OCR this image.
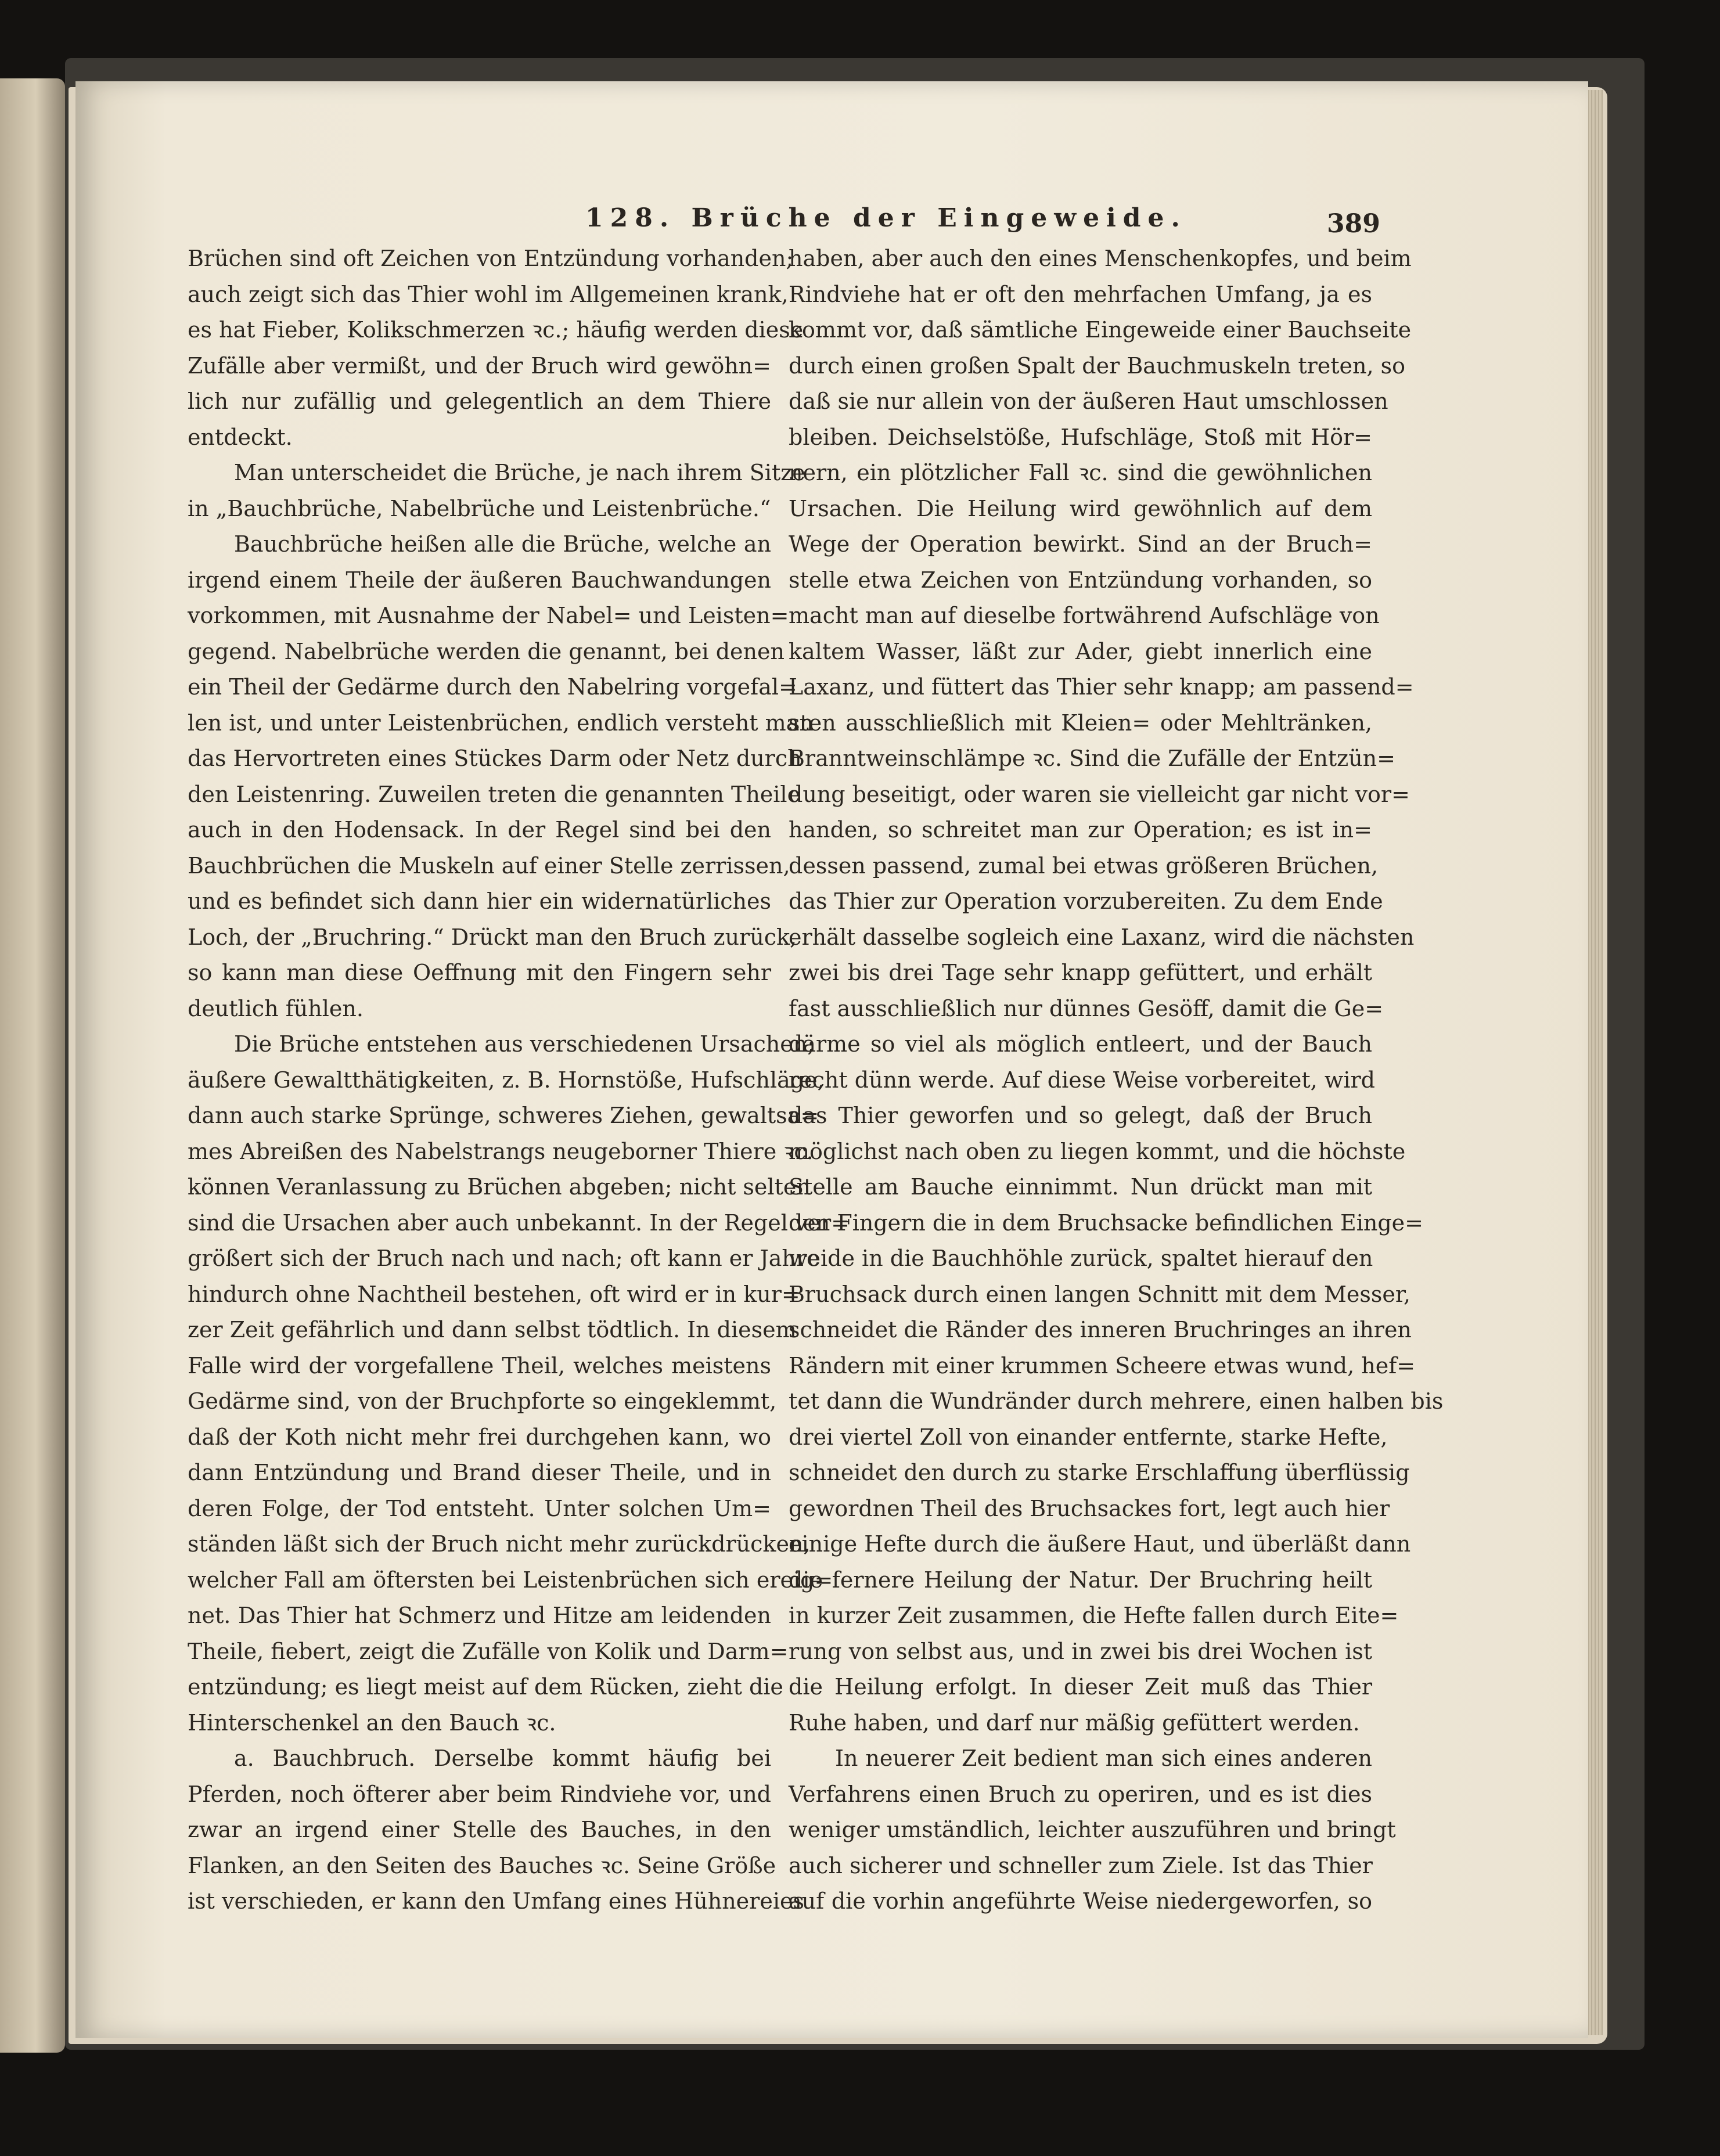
128. Brüche der Eingeweide.	389
Brüchen sind oft Zeichen von Entzündung vorhanden;
auch zeigt sich das Thier wohl im Allgemeinen krank,
es hat Fieber, Kolikschmerzen ꝛc.; häufig werden diese
Zufälle aber vermißt, und der Bruch wird gewöhn=
lich nur zufällig und gelegentlich an dem Thiere
entdeckt.
Man unterscheidet die Brüche, je nach ihrem Sitze
in „Bauchbrüche, Nabelbrüche und Leistenbrüche.“
Bauchbrüche heißen alle die Brüche, welche an
irgend einem Theile der äußeren Bauchwandungen
vorkommen, mit Ausnahme der Nabel= und Leisten=
gegend. Nabelbrüche werden die genannt, bei denen
ein Theil der Gedärme durch den Nabelring vorgefal=
len ist, und unter Leistenbrüchen, endlich versteht man
das Hervortreten eines Stückes Darm oder Netz durch
den Leistenring. Zuweilen treten die genannten Theile
auch in den Hodensack. In der Regel sind bei den
Bauchbrüchen die Muskeln auf einer Stelle zerrissen,
und es befindet sich dann hier ein widernatürliches
Loch, der „Bruchring.“ Drückt man den Bruch zurück,
so kann man diese Oeffnung mit den Fingern sehr
deutlich fühlen.
Die Brüche entstehen aus verschiedenen Ursachen;
äußere Gewaltthätigkeiten, z. B. Hornstöße, Hufschläge,
dann auch starke Sprünge, schweres Ziehen, gewaltsa=
mes Abreißen des Nabelstrangs neugeborner Thiere ꝛc.
können Veranlassung zu Brüchen abgeben; nicht selten
sind die Ursachen aber auch unbekannt. In der Regel ver=
größert sich der Bruch nach und nach; oft kann er Jahre
hindurch ohne Nachtheil bestehen, oft wird er in kur=
zer Zeit gefährlich und dann selbst tödtlich. In diesem
Falle wird der vorgefallene Theil, welches meistens
Gedärme sind, von der Bruchpforte so eingeklemmt,
daß der Koth nicht mehr frei durchgehen kann, wo
dann Entzündung und Brand dieser Theile, und in
deren Folge, der Tod entsteht. Unter solchen Um=
ständen läßt sich der Bruch nicht mehr zurückdrücken,
welcher Fall am öftersten bei Leistenbrüchen sich ereig=
net. Das Thier hat Schmerz und Hitze am leidenden
Theile, fiebert, zeigt die Zufälle von Kolik und Darm=
entzündung; es liegt meist auf dem Rücken, zieht die
Hinterschenkel an den Bauch ꝛc.
a. Bauchbruch. Derselbe kommt häufig bei
Pferden, noch öfterer aber beim Rindviehe vor, und
zwar an irgend einer Stelle des Bauches, in den
Flanken, an den Seiten des Bauches ꝛc. Seine Größe
ist verschieden, er kann den Umfang eines Hühnereies
haben, aber auch den eines Menschenkopfes, und beim
Rindviehe hat er oft den mehrfachen Umfang, ja es
kommt vor, daß sämtliche Eingeweide einer Bauchseite
durch einen großen Spalt der Bauchmuskeln treten, so
daß sie nur allein von der äußeren Haut umschlossen
bleiben. Deichselstöße, Hufschläge, Stoß mit Hör=
nern, ein plötzlicher Fall ꝛc. sind die gewöhnlichen
Ursachen. Die Heilung wird gewöhnlich auf dem
Wege der Operation bewirkt. Sind an der Bruch=
stelle etwa Zeichen von Entzündung vorhanden, so
macht man auf dieselbe fortwährend Aufschläge von
kaltem Wasser, läßt zur Ader, giebt innerlich eine
Laxanz, und füttert das Thier sehr knapp; am passend=
sten ausschließlich mit Kleien= oder Mehltränken,
Branntweinschlämpe ꝛc. Sind die Zufälle der Entzün=
dung beseitigt, oder waren sie vielleicht gar nicht vor=
handen, so schreitet man zur Operation; es ist in=
dessen passend, zumal bei etwas größeren Brüchen,
das Thier zur Operation vorzubereiten. Zu dem Ende
erhält dasselbe sogleich eine Laxanz, wird die nächsten
zwei bis drei Tage sehr knapp gefüttert, und erhält
fast ausschließlich nur dünnes Gesöff, damit die Ge=
därme so viel als möglich entleert, und der Bauch
recht dünn werde. Auf diese Weise vorbereitet, wird
das Thier geworfen und so gelegt, daß der Bruch
möglichst nach oben zu liegen kommt, und die höchste
Stelle am Bauche einnimmt. Nun drückt man mit
den Fingern die in dem Bruchsacke befindlichen Einge=
weide in die Bauchhöhle zurück, spaltet hierauf den
Bruchsack durch einen langen Schnitt mit dem Messer,
schneidet die Ränder des inneren Bruchringes an ihren
Rändern mit einer krummen Scheere etwas wund, hef=
tet dann die Wundränder durch mehrere, einen halben bis
drei viertel Zoll von einander entfernte, starke Hefte,
schneidet den durch zu starke Erschlaffung überflüssig
gewordnen Theil des Bruchsackes fort, legt auch hier
einige Hefte durch die äußere Haut, und überläßt dann
die fernere Heilung der Natur. Der Bruchring heilt
in kurzer Zeit zusammen, die Hefte fallen durch Eite=
rung von selbst aus, und in zwei bis drei Wochen ist
die Heilung erfolgt. In dieser Zeit muß das Thier
Ruhe haben, und darf nur mäßig gefüttert werden.
In neuerer Zeit bedient man sich eines anderen
Verfahrens einen Bruch zu operiren, und es ist dies
weniger umständlich, leichter auszuführen und bringt
auch sicherer und schneller zum Ziele. Ist das Thier
auf die vorhin angeführte Weise niedergeworfen, so
